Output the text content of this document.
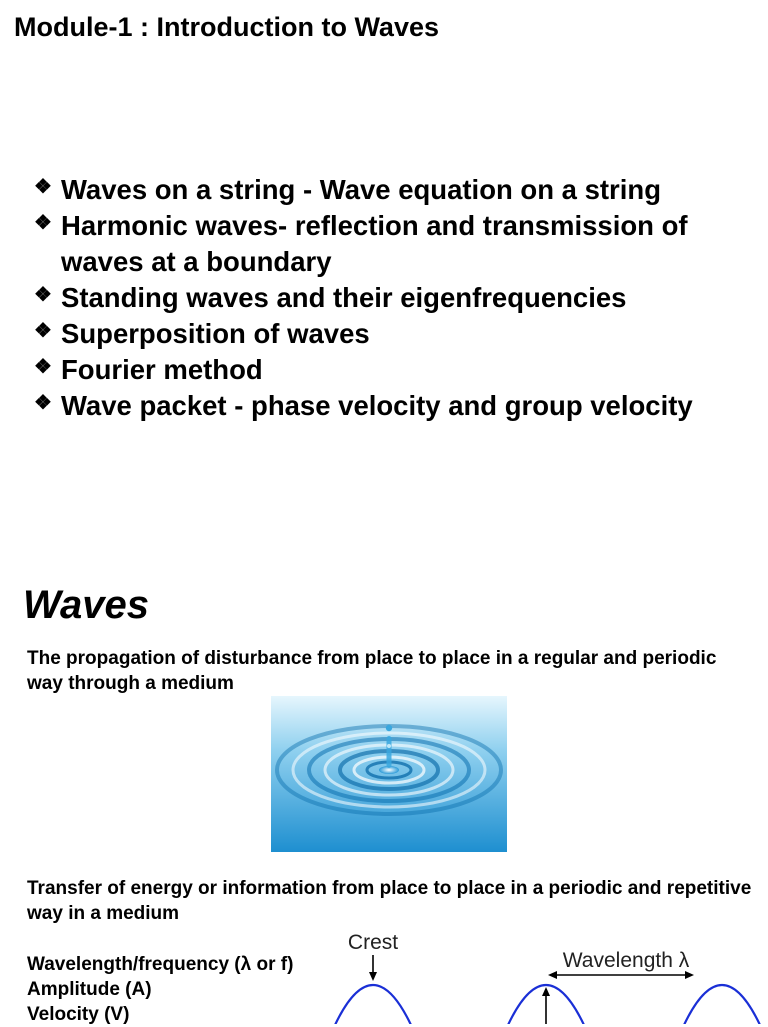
Module-1 : Introduction to Waves
❖ Waves on a string - Wave equation on a string
❖ Harmonic waves- reflection and transmission of waves at a boundary
❖ Standing waves and their eigenfrequencies
❖ Superposition of waves
❖ Fourier method
❖ Wave packet - phase velocity and group velocity
Waves
The propagation of disturbance from place to place in a regular and periodic way through a medium
Transfer of energy or information from place to place in a periodic and repetitive way in a medium
Wavelength/frequency (λ or f)
Amplitude (A)
Velocity (V)
Crest
Wavelength λ
